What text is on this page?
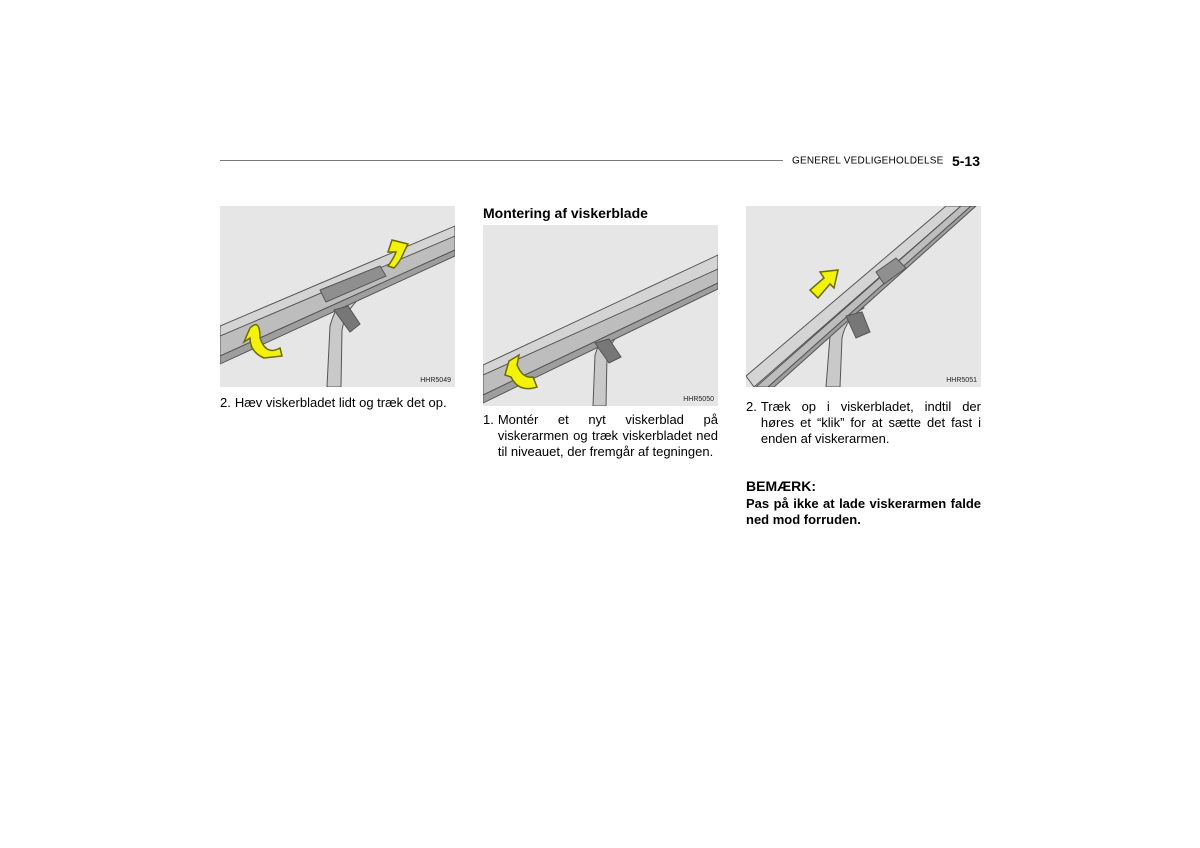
GENEREL VEDLIGEHOLDELSE 5-13
HHR5049
2. Hæv viskerbladet lidt og træk det op.
Montering af viskerblade
HHR5050
1. Montér et nyt viskerblad på viskerarmen og træk viskerbladet ned til niveauet, der fremgår af tegningen.
HHR5051
2. Træk op i viskerbladet, indtil der høres et “klik” for at sætte det fast i enden af viskerarmen.
BEMÆRK:
Pas på ikke at lade viskerarmen falde ned mod forruden.
